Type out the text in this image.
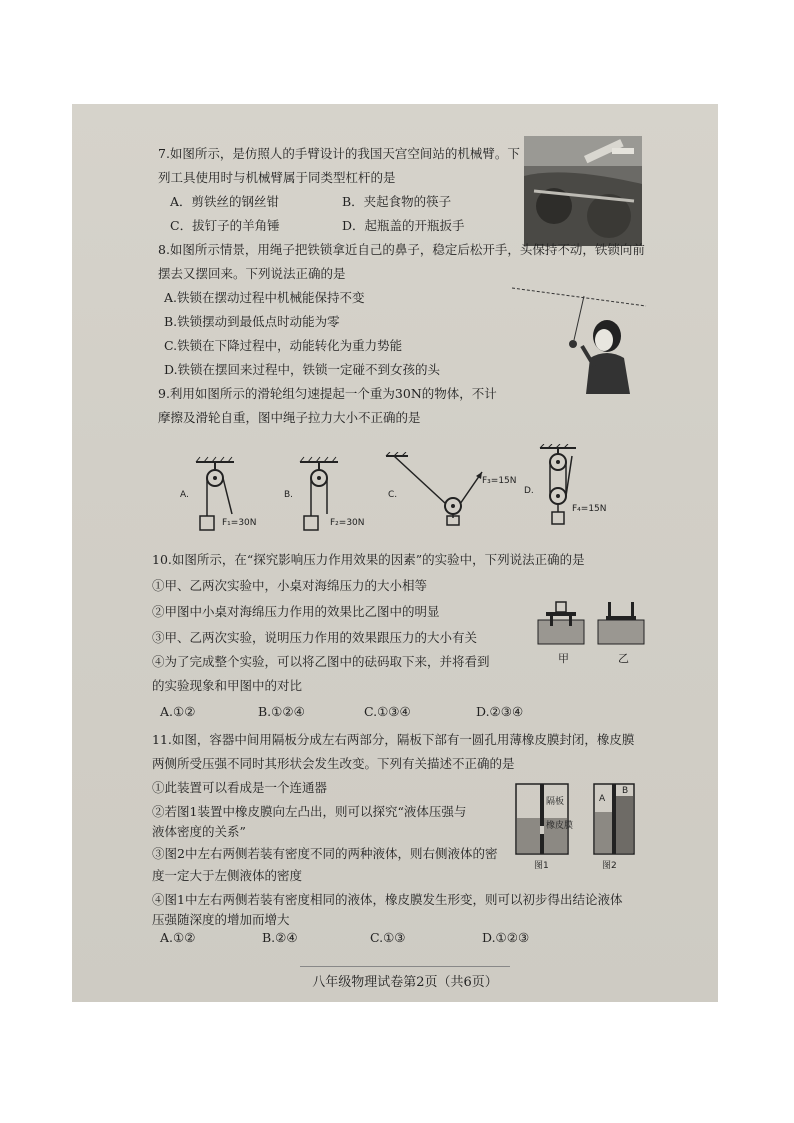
7.如图所示，是仿照人的手臂设计的我国天宫空间站的机械臂。下
列工具使用时与机械臂属于同类型杠杆的是
A．剪铁丝的钢丝钳	B．夹起食物的筷子
C．拔钉子的羊角锤	D．起瓶盖的开瓶扳手
8.如图所示情景，用绳子把铁锁拿近自己的鼻子，稳定后松开手，头保持不动，铁锁向前
摆去又摆回来。下列说法正确的是
A.铁锁在摆动过程中机械能保持不变
B.铁锁摆动到最低点时动能为零
C.铁锁在下降过程中，动能转化为重力势能
D.铁锁在摆回来过程中，铁锁一定碰不到女孩的头
9.利用如图所示的滑轮组匀速提起一个重为30N的物体，不计
摩擦及滑轮自重，图中绳子拉力大小不正确的是
A.
F₁=30N
B.
F₂=30N
C.
F₃=15N
D.
F₄=15N
10.如图所示，在“探究影响压力作用效果的因素”的实验中，下列说法正确的是
①甲、乙两次实验中，小桌对海绵压力的大小相等
②甲图中小桌对海绵压力作用的效果比乙图中的明显
③甲、乙两次实验，说明压力作用的效果跟压力的大小有关
④为了完成整个实验，可以将乙图中的砝码取下来，并将看到
的实验现象和甲图中的对比
甲	乙
A.①②	B.①②④	C.①③④	D.②③④
11.如图，容器中间用隔板分成左右两部分，隔板下部有一圆孔用薄橡皮膜封闭，橡皮膜
两侧所受压强不同时其形状会发生改变。下列有关描述不正确的是
①此装置可以看成是一个连通器
②若图1装置中橡皮膜向左凸出，则可以探究“液体压强与
液体密度的关系”
③图2中左右两侧若装有密度不同的两种液体，则右侧液体的密
度一定大于左侧液体的密度
④图1中左右两侧若装有密度相同的液体，橡皮膜发生形变，则可以初步得出结论液体
压强随深度的增加而增大
隔板
橡皮膜
图1
A
B
图2
A.①②	B.②④	C.①③	D.①②③
八年级物理试卷第2页（共6页）
